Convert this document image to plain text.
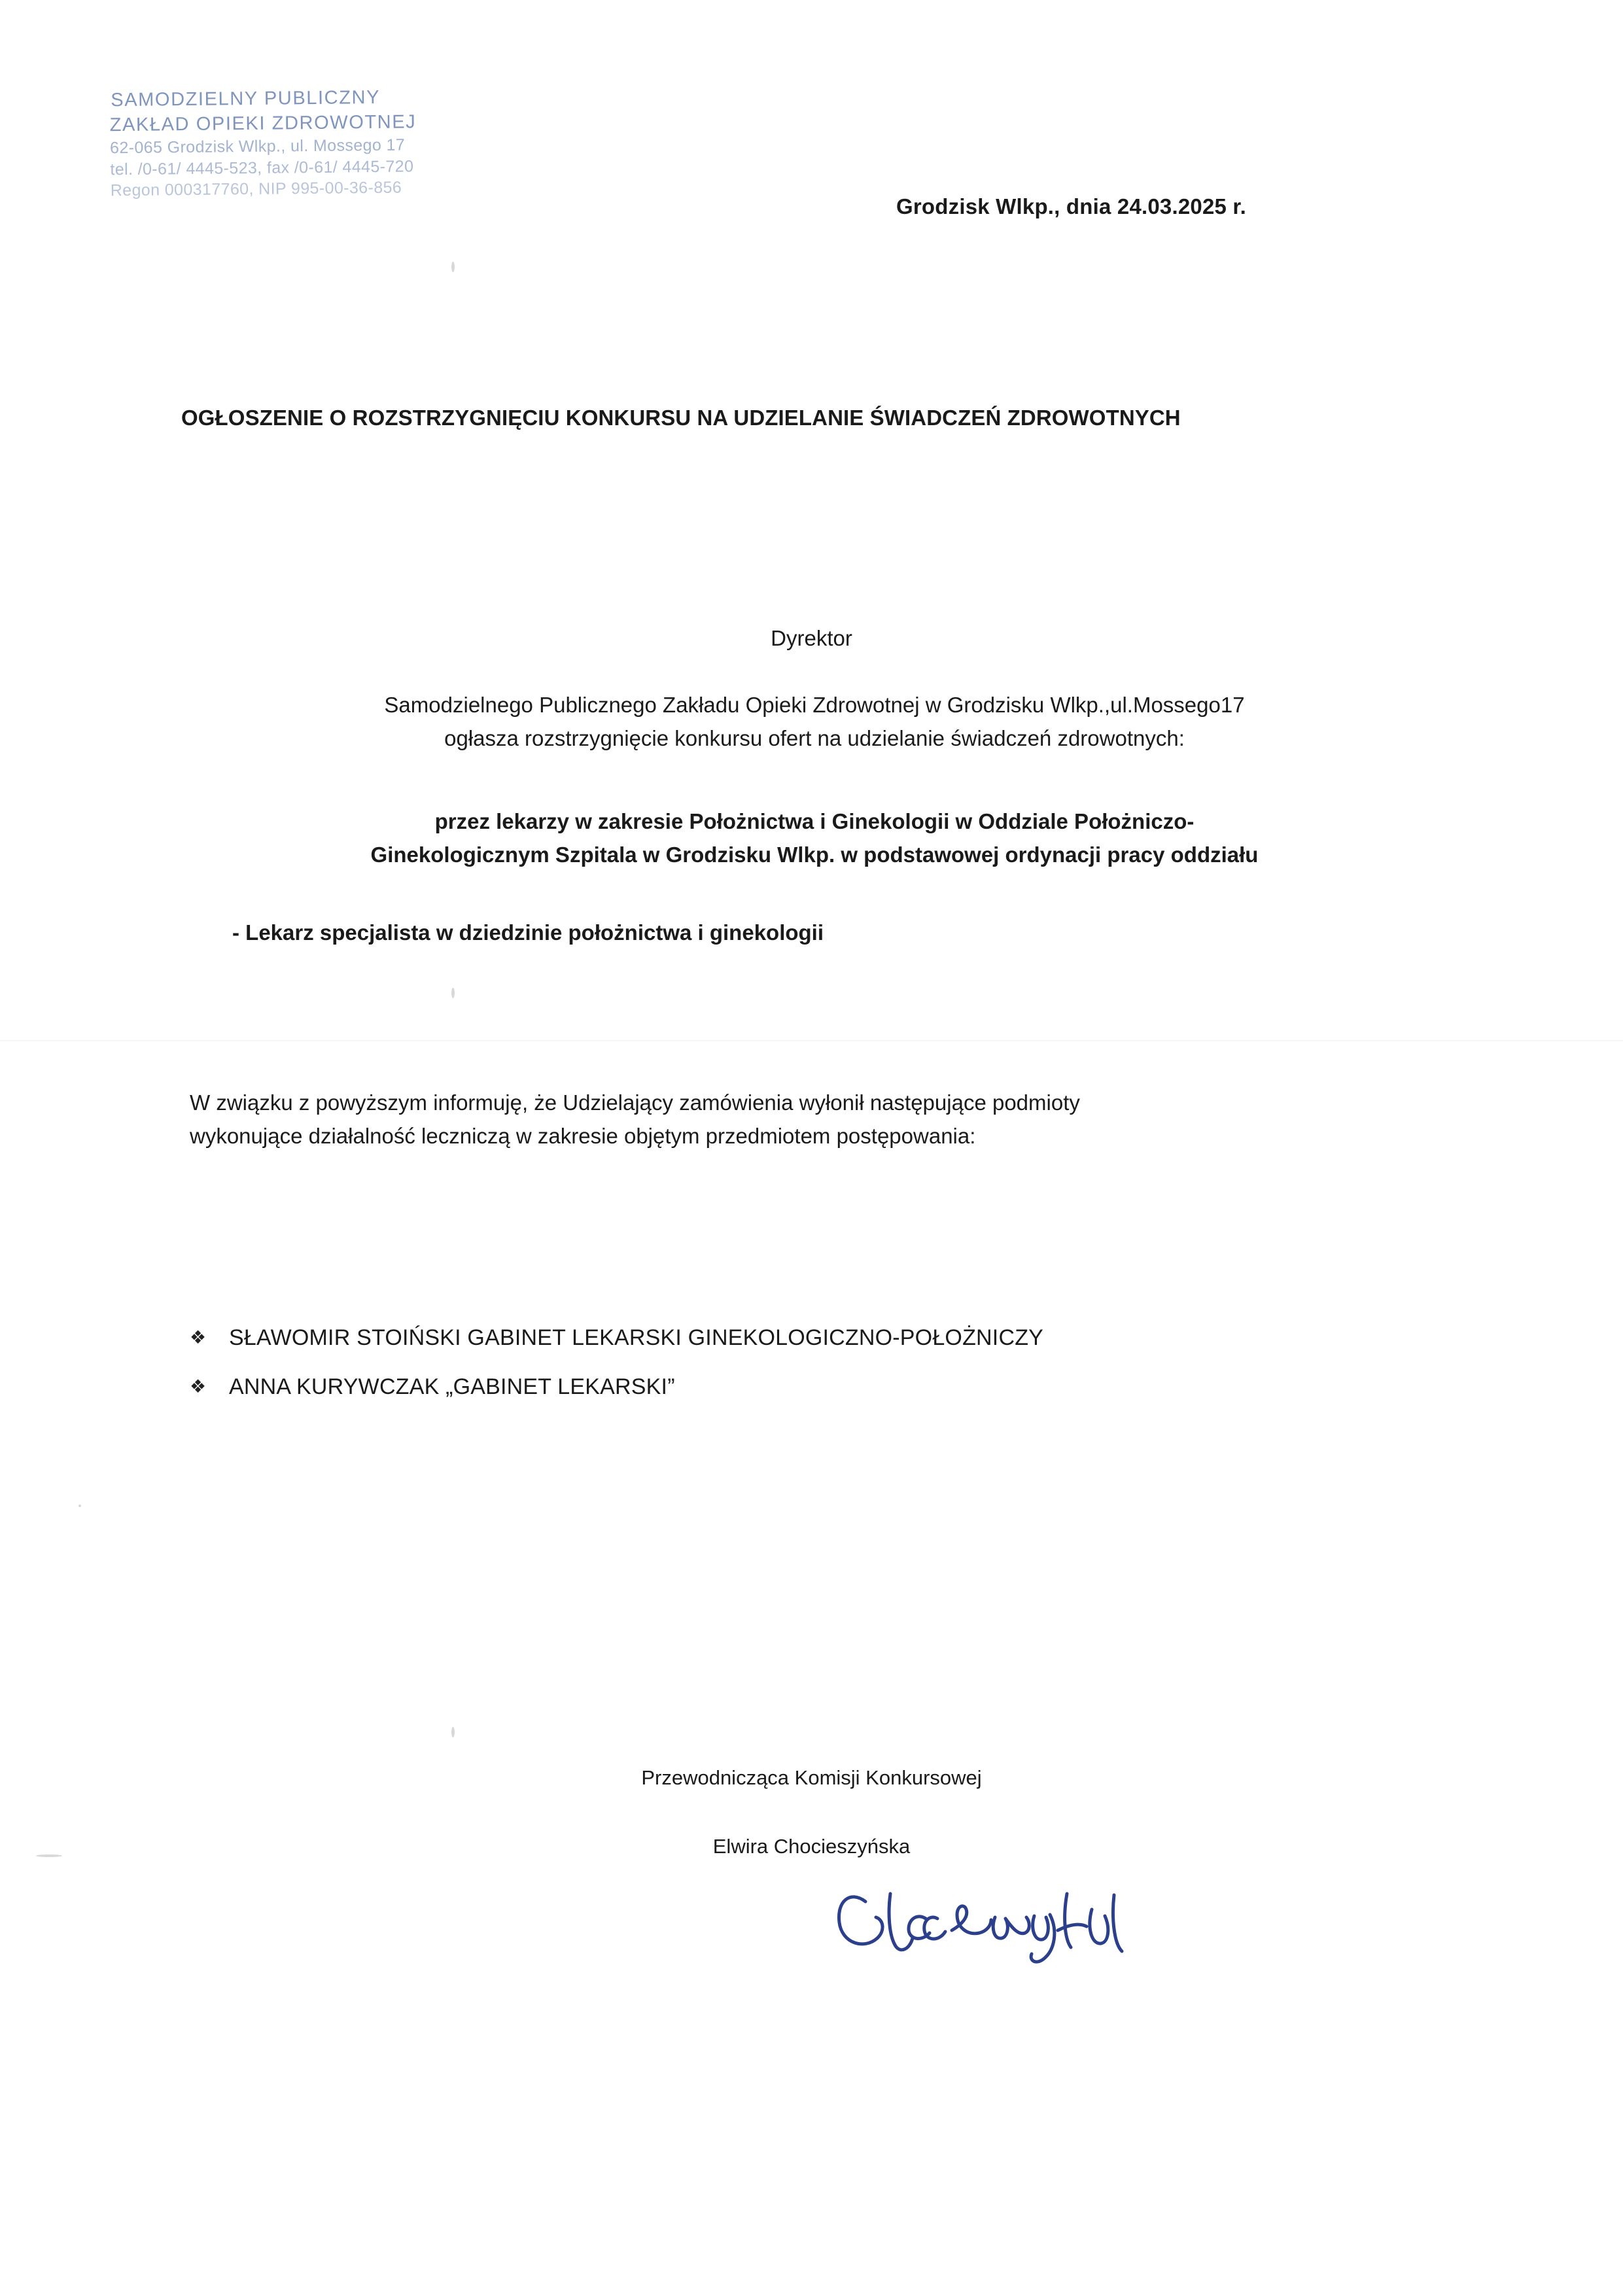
SAMODZIELNY PUBLICZNY
ZAKŁAD OPIEKI ZDROWOTNEJ
62-065 Grodzisk Wlkp., ul. Mossego 17
tel. /0-61/ 4445-523, fax /0-61/ 4445-720
Regon 000317760, NIP 995-00-36-856
Grodzisk Wlkp., dnia 24.03.2025 r.
OGŁOSZENIE O ROZSTRZYGNIĘCIU KONKURSU NA UDZIELANIE ŚWIADCZEŃ ZDROWOTNYCH
Dyrektor
Samodzielnego Publicznego Zakładu Opieki Zdrowotnej w Grodzisku Wlkp.,ul.Mossego17
ogłasza rozstrzygnięcie konkursu ofert na udzielanie świadczeń zdrowotnych:
przez lekarzy w zakresie Położnictwa i Ginekologii w Oddziale Położniczo-
Ginekologicznym Szpitala w Grodzisku Wlkp. w podstawowej ordynacji pracy oddziału
- Lekarz specjalista w dziedzinie położnictwa i ginekologii
W związku z powyższym informuję, że Udzielający zamówienia wyłonił następujące podmioty
wykonujące działalność leczniczą w zakresie objętym przedmiotem postępowania:
❖	SŁAWOMIR STOIŃSKI GABINET LEKARSKI GINEKOLOGICZNO-POŁOŻNICZY
❖	ANNA KURYWCZAK „GABINET LEKARSKI”
Przewodnicząca Komisji Konkursowej
Elwira Chocieszyńska
